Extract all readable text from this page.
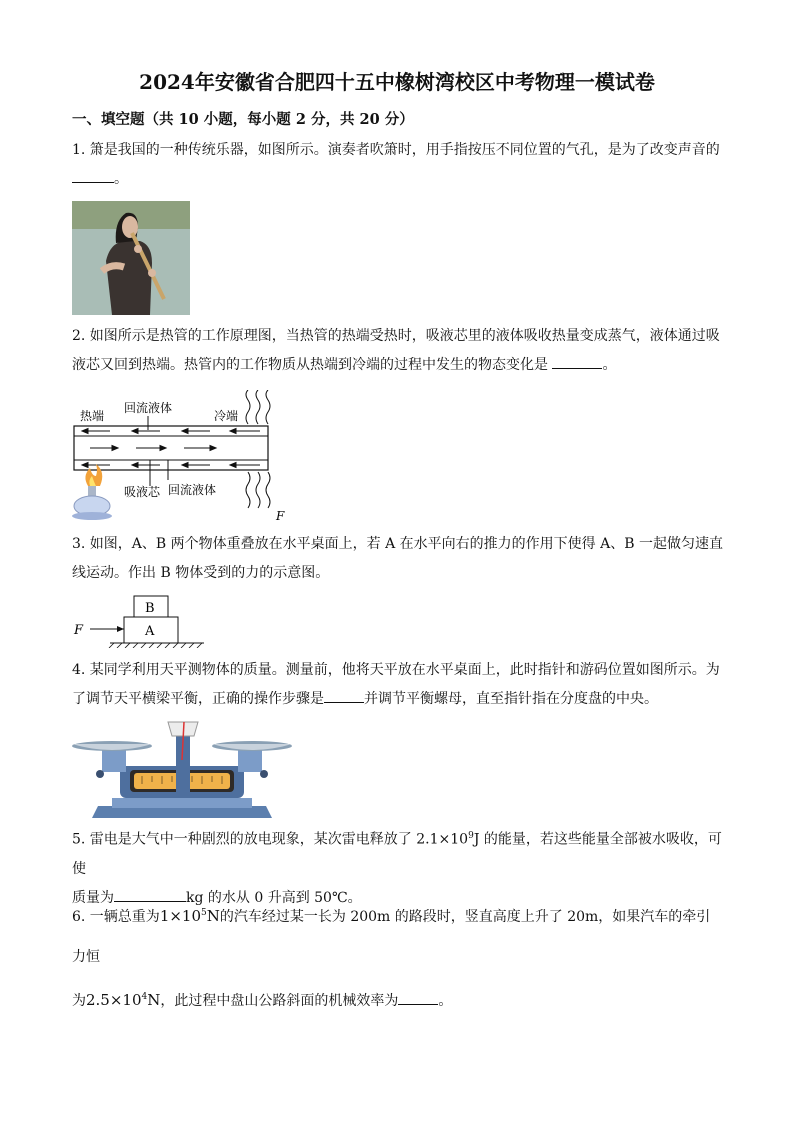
2024年安徽省合肥四十五中橡树湾校区中考物理一模试卷
一、填空题（共 10 小题，每小题 2 分，共 20 分）
1. 箫是我国的一种传统乐器，如图所示。演奏者吹箫时，用手指按压不同位置的气孔，是为了改变声音的
。
2. 如图所示是热管的工作原理图，当热管的热端受热时，吸液芯里的液体吸收热量变成蒸气，液体通过吸
液芯又回到热端。热管内的工作物质从热端到冷端的过程中发生的物态变化是	。
热端
回流液体
冷端
吸液芯 回流液体
F
3. 如图，A、B 两个物体重叠放在水平桌面上，若 A 在水平向右的推力的作用下使得 A、B 一起做匀速直
线运动。作出 B 物体受到的力的示意图。
B
A
F
4. 某同学利用天平测物体的质量。测量前，他将天平放在水平桌面上，此时指针和游码位置如图所示。为
了调节天平横梁平衡，正确的操作步骤是	并调节平衡螺母，直至指针指在分度盘的中央。
5. 雷电是大气中一种剧烈的放电现象，某次雷电释放了 $2.1\times 10^9J$ 的能量，若这些能量全部被水吸收，可使
质量为	kg 的水从 0 升高到 50℃。
6. 一辆总重为$1\times 10^5N$的汽车经过某一长为 200m 的路段时，竖直高度上升了 20m，如果汽车的牵引力恒
为$2.5\times 10^4N$，此过程中盘山公路斜面的机械效率为	。
